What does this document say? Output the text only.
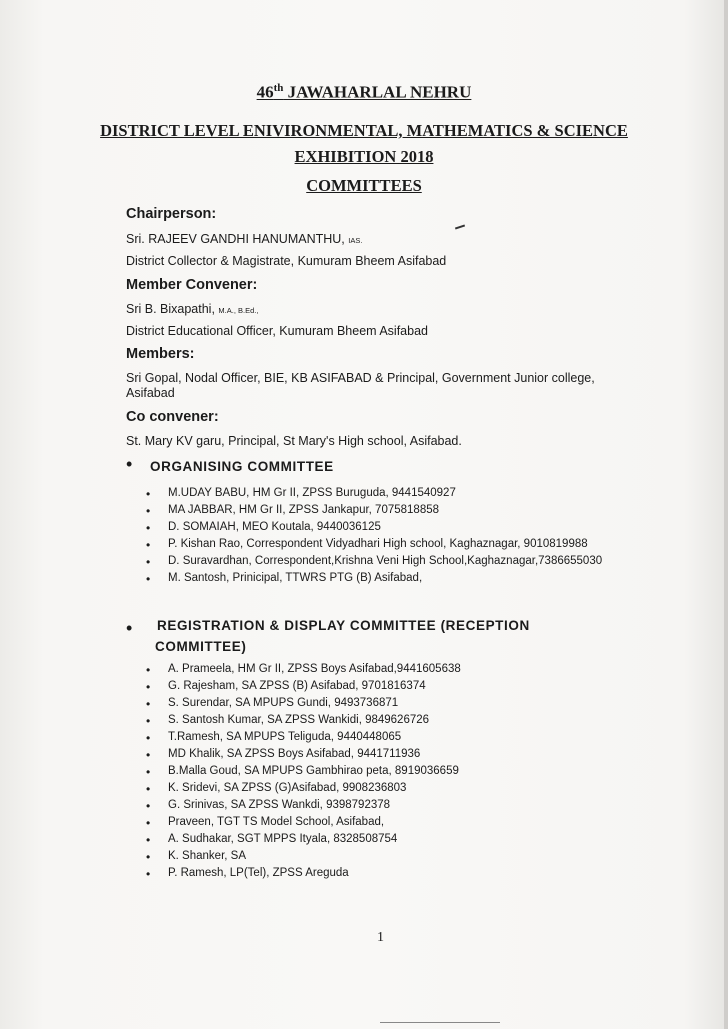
46th JAWAHARLAL NEHRU
DISTRICT LEVEL ENIVIRONMENTAL, MATHEMATICS & SCIENCE
EXHIBITION 2018
COMMITTEES
Chairperson:
Sri. RAJEEV GANDHI HANUMANTHU, IAS.
District Collector & Magistrate, Kumuram Bheem Asifabad
Member Convener:
Sri B. Bixapathi, M.A., B.Ed.,
District Educational Officer, Kumuram Bheem Asifabad
Members:
Sri Gopal, Nodal Officer, BIE, KB ASIFABAD & Principal, Government Junior college, Asifabad
Co convener:
St. Mary KV garu, Principal, St Mary's High school, Asifabad.
• ORGANISING COMMITTEE
• M.UDAY BABU, HM Gr II, ZPSS Buruguda, 9441540927
• MA JABBAR, HM Gr II, ZPSS Jankapur, 7075818858
• D. SOMAIAH, MEO Koutala, 9440036125
• P. Kishan Rao, Correspondent Vidyadhari High school, Kaghaznagar, 9010819988
• D. Suravardhan, Correspondent,Krishna Veni High School,Kaghaznagar,7386655030
• M. Santosh, Prinicipal, TTWRS PTG (B) Asifabad,
• REGISTRATION & DISPLAY COMMITTEE (RECEPTION
COMMITTEE)
• A. Prameela, HM Gr II, ZPSS Boys Asifabad,9441605638
• G. Rajesham, SA ZPSS (B) Asifabad, 9701816374
• S. Surendar, SA MPUPS Gundi, 9493736871
• S. Santosh Kumar, SA ZPSS Wankidi, 9849626726
• T.Ramesh, SA MPUPS Teliguda, 9440448065
• MD Khalik, SA ZPSS Boys Asifabad, 9441711936
• B.Malla Goud, SA MPUPS Gambhirao peta, 8919036659
• K. Sridevi, SA ZPSS (G)Asifabad, 9908236803
• G. Srinivas, SA ZPSS Wankdi, 9398792378
• Praveen, TGT TS Model School, Asifabad,
• A. Sudhakar, SGT MPPS Ityala, 8328508754
• K. Shanker, SA
• P. Ramesh, LP(Tel), ZPSS Areguda
1
